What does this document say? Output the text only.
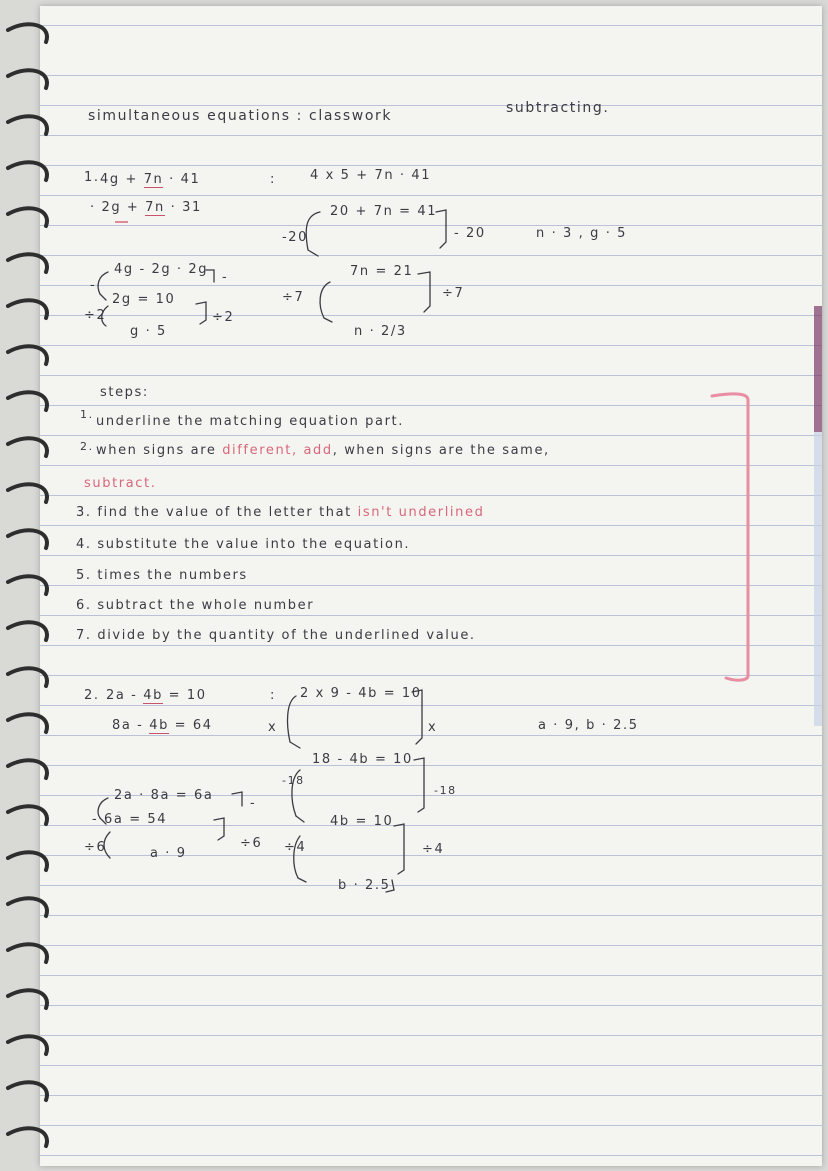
simultaneous equations : classwork	subtracting.
1. 4g + 7n · 41
· 2g + 7n · 31
:	4 x 5 + 7n · 41
20 + 7n = 41
-20	- 20	n · 3 , g · 5
4g - 2g · 2g
-
-
2g = 10
÷2	÷2
g · 5
7n = 21
÷7	÷7
n · 2/3
steps:
1. underline the matching equation part.
2. when signs are different, add, when signs are the same,
subtract.
3. find the value of the letter that isn't underlined
4. substitute the value into the equation.
5. times the numbers
6. subtract the whole number
7. divide by the quantity of the underlined value.
2. 2a - 4b = 10
8a - 4b = 64
:
x
2 x 9 - 4b = 10
x	a · 9, b · 2.5
18 - 4b = 10
-18
-18
2a · 8a = 6a
-
- 6a = 54
÷6	÷6
a · 9
4b = 10
÷4	÷4
b · 2.5
